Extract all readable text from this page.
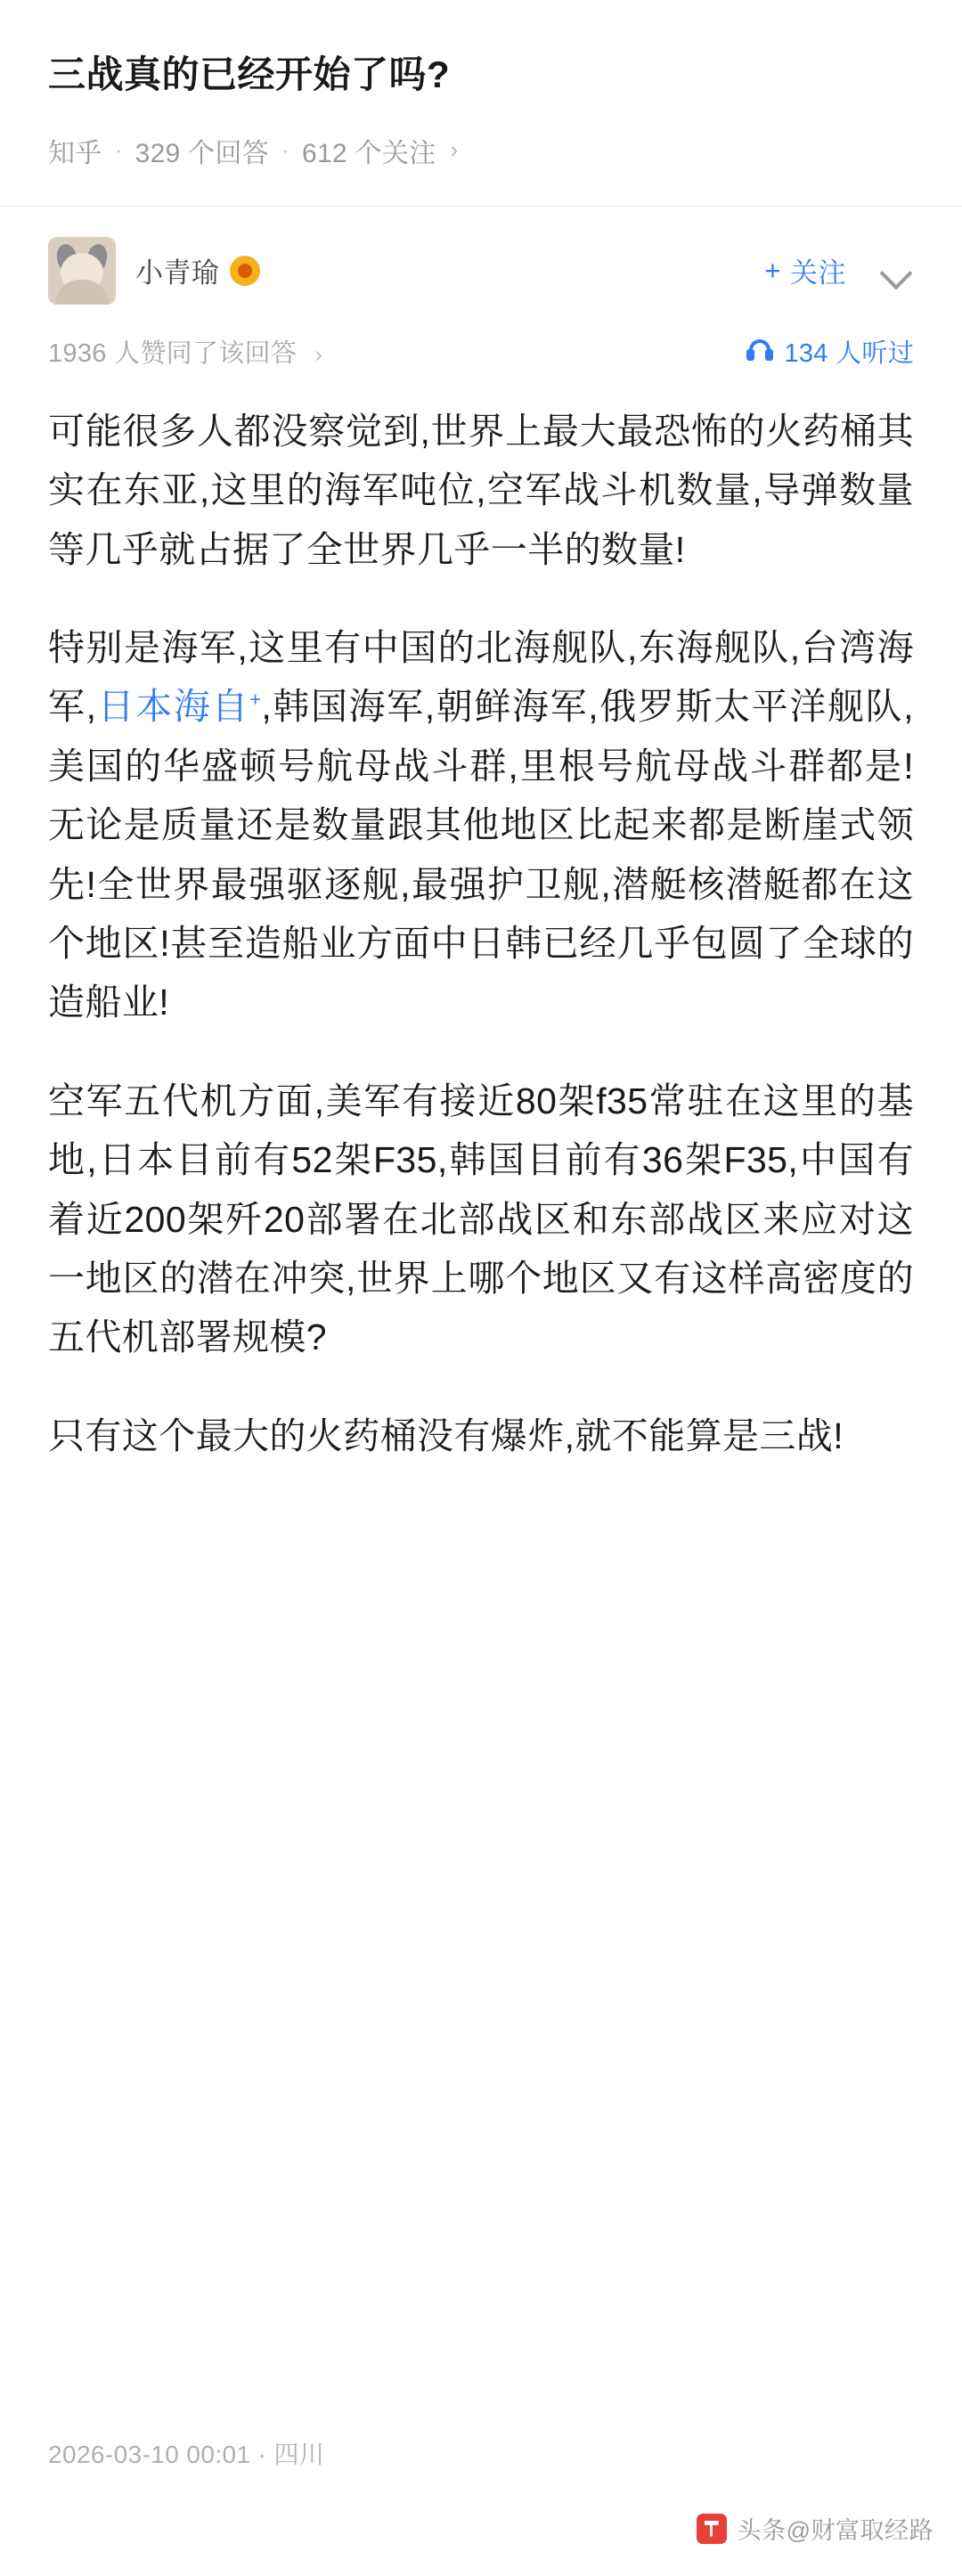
三战真的已经开始了吗?
知乎 · 329 个回答 · 612 个关注 ›
小青瑜	+ 关注
1936 人赞同了该回答 ›	134 人听过

可能很多人都没察觉到,世界上最大最恐怖的火药桶其实在东亚,这里的海军吨位,空军战斗机数量,导弹数量等几乎就占据了全世界几乎一半的数量!

特别是海军,这里有中国的北海舰队,东海舰队,台湾海军,日本海自+,韩国海军,朝鲜海军,俄罗斯太平洋舰队,美国的华盛顿号航母战斗群,里根号航母战斗群都是!无论是质量还是数量跟其他地区比起来都是断崖式领先!全世界最强驱逐舰,最强护卫舰,潜艇核潜艇都在这个地区!甚至造船业方面中日韩已经几乎包圆了全球的造船业!

空军五代机方面,美军有接近80架f35常驻在这里的基地,日本目前有52架F35,韩国目前有36架F35,中国有着近200架歼20部署在北部战区和东部战区来应对这一地区的潜在冲突,世界上哪个地区又有这样高密度的五代机部署规模?

只有这个最大的火药桶没有爆炸,就不能算是三战!

2026-03-10 00:01 · 四川
头条@财富取经路
